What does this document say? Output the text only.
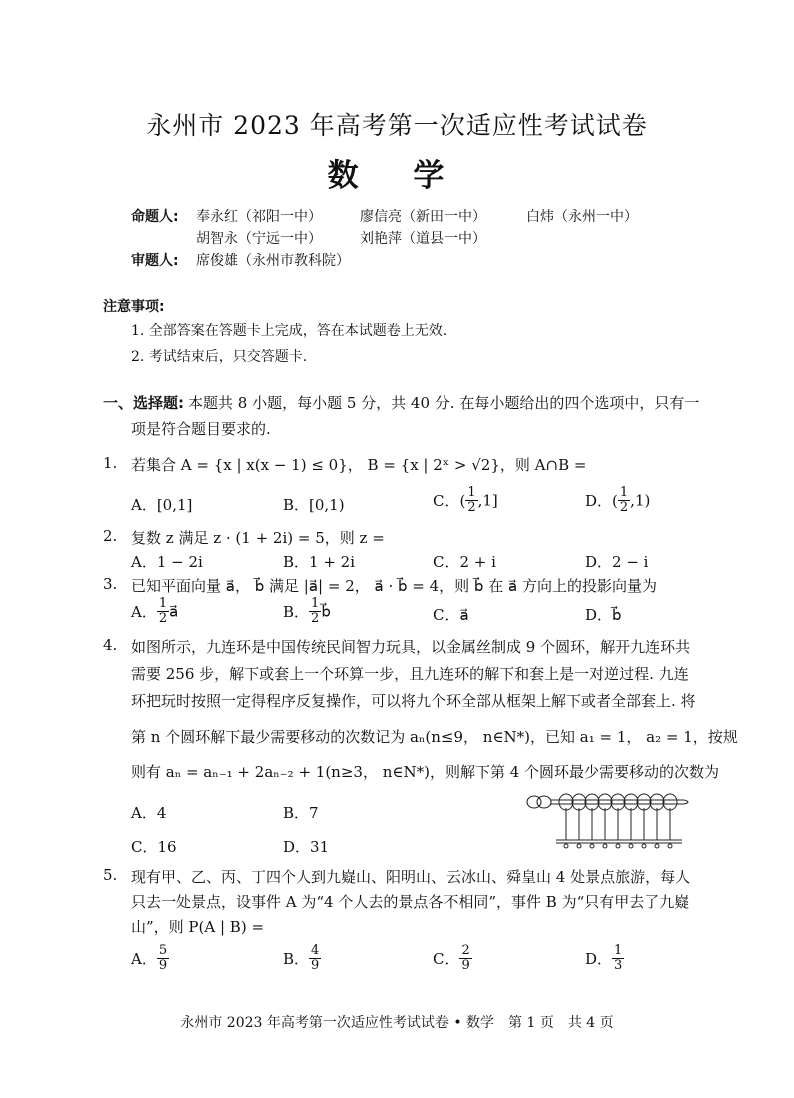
永州市 2023 年高考第一次适应性考试试卷
数 学
命题人: 奉永红（祁阳一中）	廖信亮（新田一中）	白炜（永州一中）
胡智永（宁远一中）	刘艳萍（道县一中）
审题人: 席俊雄（永州市教科院）
注意事项:
1. 全部答案在答题卡上完成，答在本试题卷上无效.
2. 考试结束后，只交答题卡.
一、选择题: 本题共 8 小题，每小题 5 分，共 40 分. 在每小题给出的四个选项中，只有一
项是符合题目要求的.
1. 若集合 A = {x | x(x − 1) ≤ 0}， B = {x | 2ˣ > √2}，则 A∩B =
A．[0,1]	B．[0,1)	C．( $\frac{1}{2} ,1$]	D．( $\frac{1}{2} ,1$)
2. 复数 z 满足 z · (1 + 2i) = 5，则 z =
A．1 − 2i	B．1 + 2i	C．2 + i	D．2 − i
3. 已知平面向量 a⃗， b⃗ 满足 |a⃗| = 2， a⃗ · b⃗ = 4，则 b⃗ 在 a⃗ 方向上的投影向量为
A． $\frac{1}{2}$ a⃗	B． $\frac{1}{2}$ b⃗	C．a⃗	D．b⃗
4. 如图所示，九连环是中国传统民间智力玩具，以金属丝制成 9 个圆环，解开九连环共
需要 256 步，解下或套上一个环算一步，且九连环的解下和套上是一对逆过程. 九连
环把玩时按照一定得程序反复操作，可以将九个环全部从框架上解下或者全部套上. 将
第 n 个圆环解下最少需要移动的次数记为 aₙ(n≤9， n∈N*)，已知 a₁ = 1， a₂ = 1，按规
则有 aₙ = aₙ₋₁ + 2aₙ₋₂ + 1(n≥3， n∈N*)，则解下第 4 个圆环最少需要移动的次数为
A．4	B．7
C．16	D．31
5. 现有甲、乙、丙、丁四个人到九嶷山、阳明山、云冰山、舜皇山 4 处景点旅游，每人
只去一处景点，设事件 A 为“4 个人去的景点各不相同”，事件 B 为“只有甲去了九嶷
山”，则 P(A | B) =
A． $\frac{5}{9}$	B． $\frac{4}{9}$	C． $\frac{2}{9}$	D． $\frac{1}{3}$
永州市 2023 年高考第一次适应性考试试卷 • 数学　第 1 页　共 4 页
